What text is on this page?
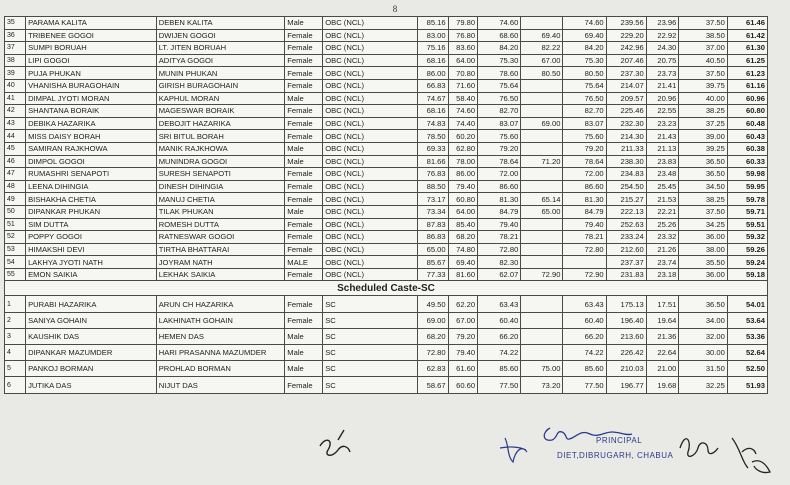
8
35	PARAMA KALITA	DEBEN KALITA	Male	OBC (NCL)	85.16	79.80	74.60		74.60	239.56	23.96	37.50	61.46
36	TRIBENEE GOGOI	DWIJEN GOGOI	Female	OBC (NCL)	83.00	76.80	68.60	69.40	69.40	229.20	22.92	38.50	61.42
37	SUMPI BORUAH	LT. JITEN BORUAH	Female	OBC (NCL)	75.16	83.60	84.20	82.22	84.20	242.96	24.30	37.00	61.30
38	LIPI GOGOI	ADITYA GOGOI	Female	OBC (NCL)	68.16	64.00	75.30	67.00	75.30	207.46	20.75	40.50	61.25
39	PUJA PHUKAN	MUNIN PHUKAN	Female	OBC (NCL)	86.00	70.80	78.60	80.50	80.50	237.30	23.73	37.50	61.23
40	VHANISHA BURAGOHAIN	GIRISH BURAGOHAIN	Female	OBC (NCL)	66.83	71.60	75.64		75.64	214.07	21.41	39.75	61.16
41	DIMPAL JYOTI MORAN	KAPHUL MORAN	Male	OBC (NCL)	74.67	58.40	76.50		76.50	209.57	20.96	40.00	60.96
42	SHANTANA BORAIK	MAGESWAR BORAIK	Female	OBC (NCL)	68.16	74.60	82.70		82.70	225.46	22.55	38.25	60.80
43	DEBIKA HAZARIKA	DEBOJIT HAZARIKA	Female	OBC (NCL)	74.83	74.40	83.07	69.00	83.07	232.30	23.23	37.25	60.48
44	MISS DAISY BORAH	SRI BITUL BORAH	Female	OBC (NCL)	78.50	60.20	75.60		75.60	214.30	21.43	39.00	60.43
45	SAMIRAN RAJKHOWA	MANIK RAJKHOWA	Male	OBC (NCL)	69.33	62.80	79.20		79.20	211.33	21.13	39.25	60.38
46	DIMPOL GOGOI	MUNINDRA GOGOI	Male	OBC (NCL)	81.66	78.00	78.64	71.20	78.64	238.30	23.83	36.50	60.33
47	RUMASHRI SENAPOTI	SURESH SENAPOTI	Female	OBC (NCL)	76.83	86.00	72.00		72.00	234.83	23.48	36.50	59.98
48	LEENA DIHINGIA	DINESH DIHINGIA	Female	OBC (NCL)	88.50	79.40	86.60		86.60	254.50	25.45	34.50	59.95
49	BISHAKHA CHETIA	MANUJ CHETIA	Female	OBC (NCL)	73.17	60.80	81.30	65.14	81.30	215.27	21.53	38.25	59.78
50	DIPANKAR PHUKAN	TILAK PHUKAN	Male	OBC (NCL)	73.34	64.00	84.79	65.00	84.79	222.13	22.21	37.50	59.71
51	SIM DUTTA	ROMESH DUTTA	Female	OBC (NCL)	87.83	85.40	79.40		79.40	252.63	25.26	34.25	59.51
52	POPPY GOGOI	RATNESWAR GOGOI	Female	OBC (NCL)	86.83	68.20	78.21		78.21	233.24	23.32	36.00	59.32
53	HIMAKSHI DEVI	TIRTHA BHATTARAI	Female	OBC (NCL)	65.00	74.80	72.80		72.80	212.60	21.26	38.00	59.26
54	LAKHYA JYOTI NATH	JOYRAM NATH	MALE	OBC (NCL)	85.67	69.40	82.30			237.37	23.74	35.50	59.24
55	EMON SAIKIA	LEKHAK SAIKIA	Female	OBC (NCL)	77.33	81.60	62.07	72.90	72.90	231.83	23.18	36.00	59.18
Scheduled Caste-SC													
1	PURABI HAZARIKA	ARUN CH HAZARIKA	Female	SC	49.50	62.20	63.43		63.43	175.13	17.51	36.50	54.01
2	SANIYA GOHAIN	LAKHINATH GOHAIN	Female	SC	69.00	67.00	60.40		60.40	196.40	19.64	34.00	53.64
3	KAUSHIK DAS	HEMEN DAS	Male	SC	68.20	79.20	66.20		66.20	213.60	21.36	32.00	53.36
4	DIPANKAR MAZUMDER	HARI PRASANNA MAZUMDER	Male	SC	72.80	79.40	74.22		74.22	226.42	22.64	30.00	52.64
5	PANKOJ BORMAN	PROHLAD BORMAN	Male	SC	62.83	61.60	85.60	75.00	85.60	210.03	21.00	31.50	52.50
6	JUTIKA DAS	NIJUT DAS	Female	SC	58.67	60.60	77.50	73.20	77.50	196.77	19.68	32.25	51.93
PRINCIPAL
DIET,DIBRUGARH, CHABUA
